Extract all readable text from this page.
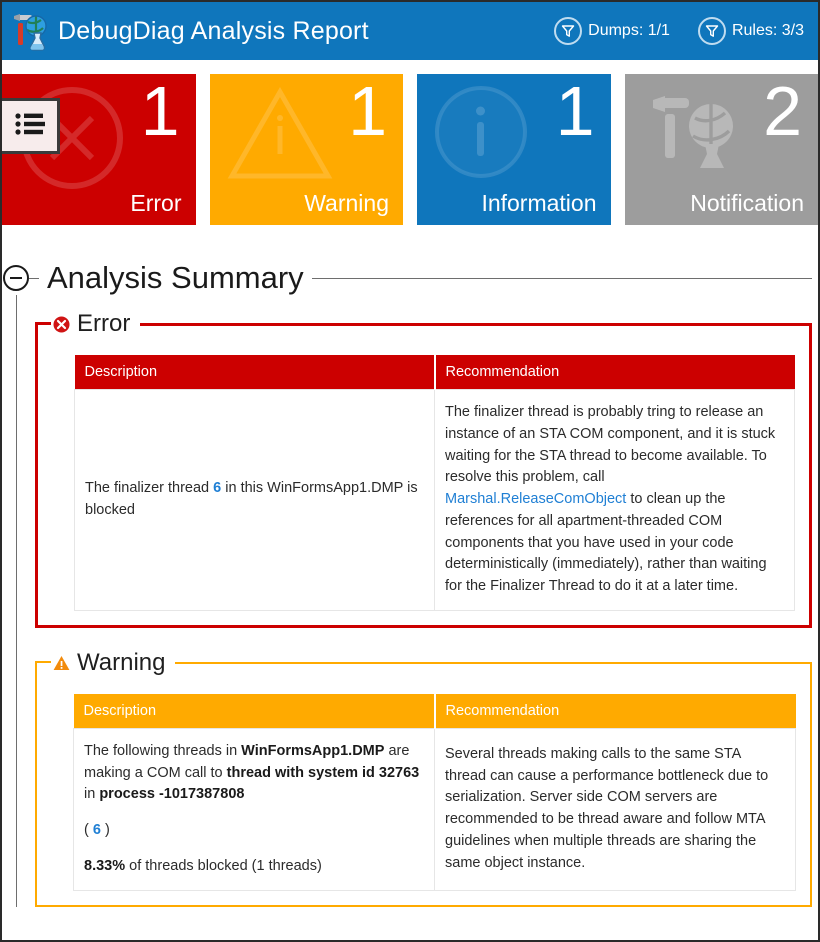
DebugDiag Analysis Report	Dumps: 1/1	Rules: 3/3
1
Error
1
Warning
1
Information
2
Notification
Analysis Summary
Error
Description	Recommendation
The finalizer thread 6 in this WinFormsApp1.DMP is blocked	The finalizer thread is probably tring to release an instance of an STA COM component, and it is stuck waiting for the STA thread to become available. To resolve this problem, call Marshal.ReleaseComObject to clean up the references for all apartment-threaded COM components that you have used in your code deterministically (immediately), rather than waiting for the Finalizer Thread to do it at a later time.
Warning
Description	Recommendation
The following threads in WinFormsApp1.DMP are making a COM call to thread with system id 32763 in process -1017387808
( 6 )
8.33% of threads blocked (1 threads)	Several threads making calls to the same STA thread can cause a performance bottleneck due to serialization. Server side COM servers are recommended to be thread aware and follow MTA guidelines when multiple threads are sharing the same object instance.
